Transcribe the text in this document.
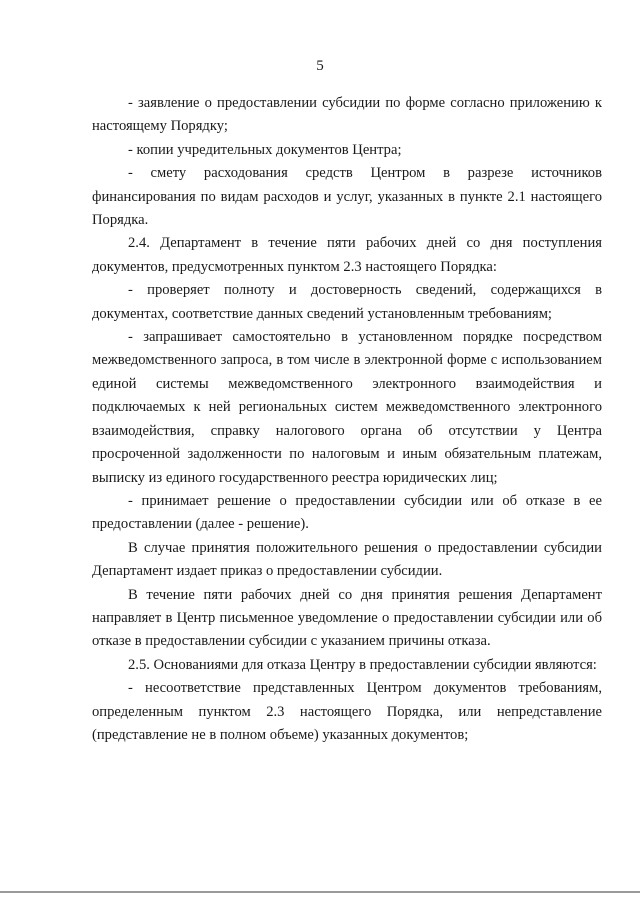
5

- заявление о предоставлении субсидии по форме согласно приложению к настоящему Порядку;

- копии учредительных документов Центра;

- смету расходования средств Центром в разрезе источников финансирования по видам расходов и услуг, указанных в пункте 2.1 настоящего Порядка.

2.4. Департамент в течение пяти рабочих дней со дня поступления документов, предусмотренных пунктом 2.3 настоящего Порядка:

- проверяет полноту и достоверность сведений, содержащихся в документах, соответствие данных сведений установленным требованиям;

- запрашивает самостоятельно в установленном порядке посредством межведомственного запроса, в том числе в электронной форме с использованием единой системы межведомственного электронного взаимодействия и подключаемых к ней региональных систем межведомственного электронного взаимодействия, справку налогового органа об отсутствии у Центра просроченной задолженности по налоговым и иным обязательным платежам, выписку из единого государственного реестра юридических лиц;

- принимает решение о предоставлении субсидии или об отказе в ее предоставлении (далее - решение).

В случае принятия положительного решения о предоставлении субсидии Департамент издает приказ о предоставлении субсидии.

В течение пяти рабочих дней со дня принятия решения Департамент направляет в Центр письменное уведомление о предоставлении субсидии или об отказе в предоставлении субсидии с указанием причины отказа.

2.5. Основаниями для отказа Центру в предоставлении субсидии являются:

- несоответствие представленных Центром документов требованиям, определенным пунктом 2.3 настоящего Порядка, или непредставление (представление не в полном объеме) указанных документов;
